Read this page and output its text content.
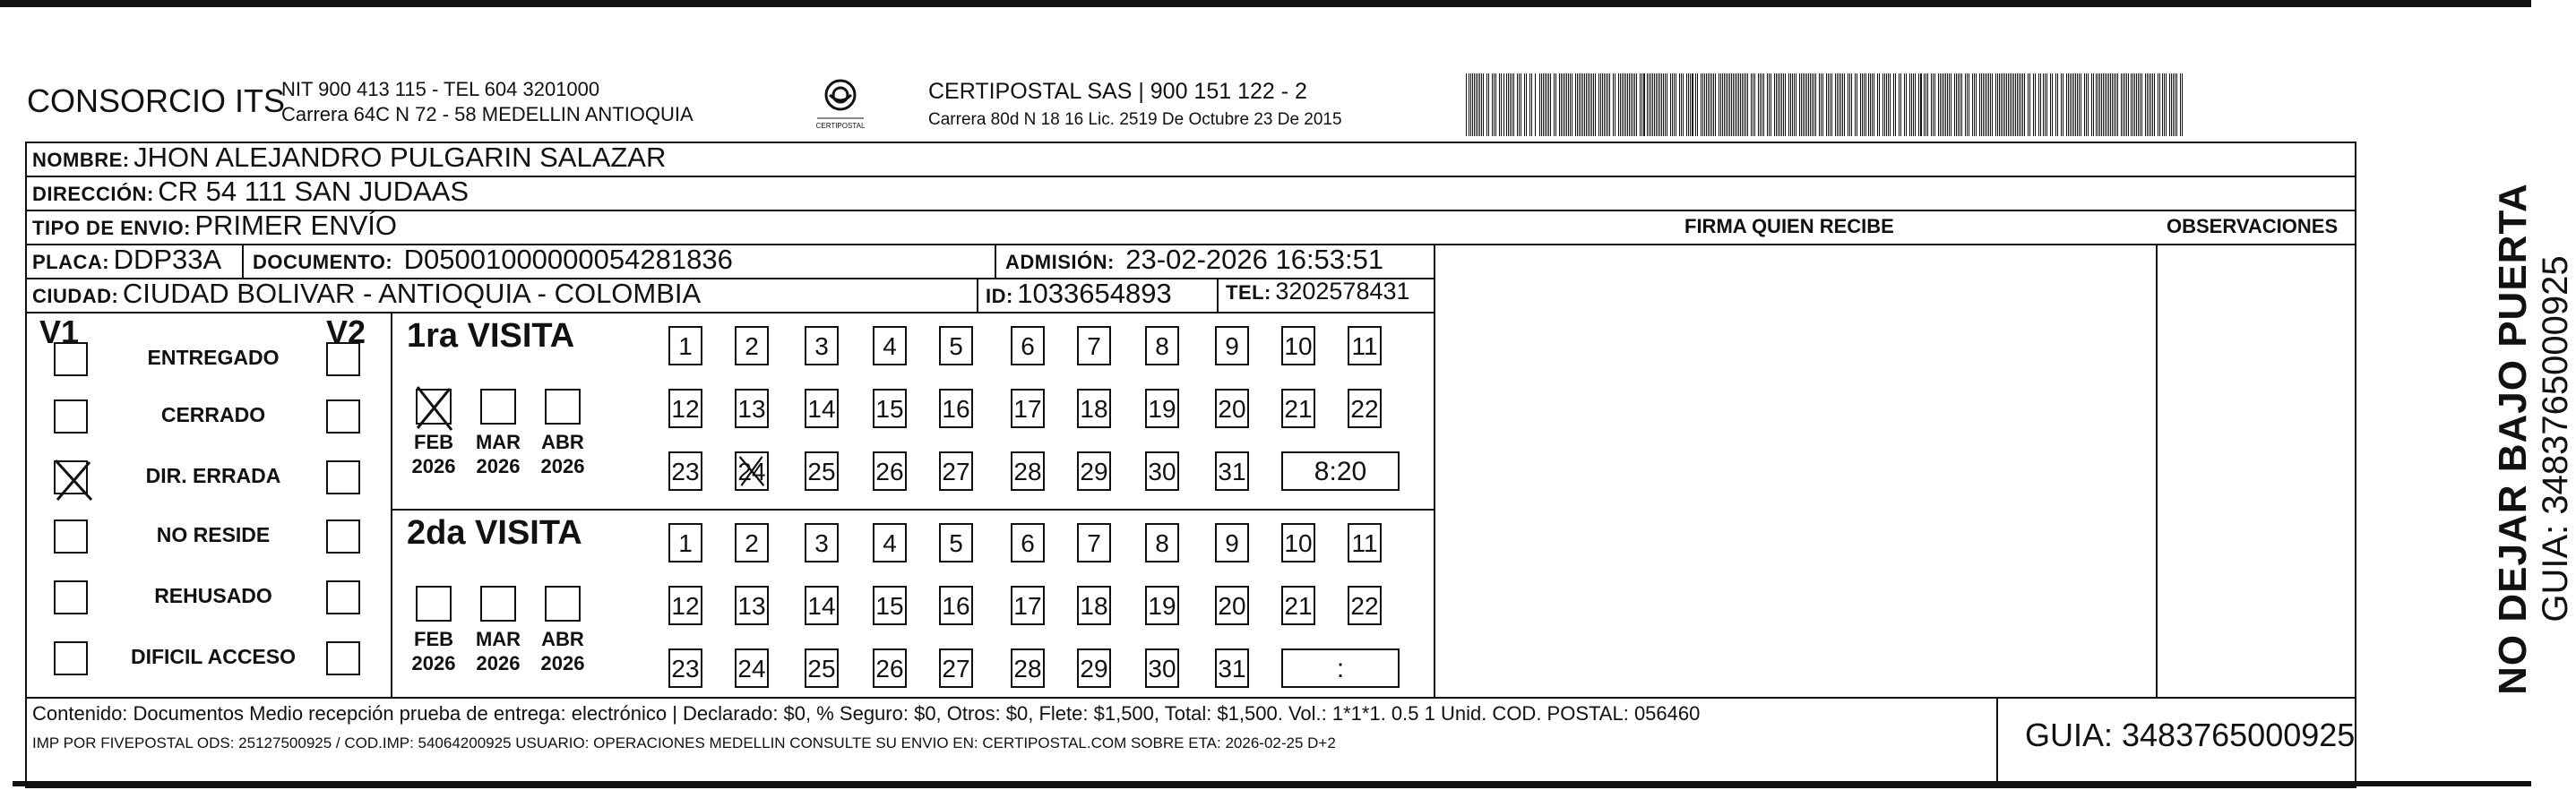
CONSORCIO ITS
NIT 900 413 115 - TEL 604 3201000
Carrera 64C N 72 - 58 MEDELLIN ANTIOQUIA
CERTIPOSTAL
CERTIPOSTAL SAS | 900 151 122 - 2
Carrera 80d N 18 16 Lic. 2519 De Octubre 23 De 2015
NOMBRE: JHON ALEJANDRO PULGARIN SALAZAR
DIRECCIÓN: CR 54 111 SAN JUDAAS
TIPO DE ENVIO: PRIMER ENVÍO	FIRMA QUIEN RECIBE	OBSERVACIONES
PLACA: DDP33A DOCUMENTO: D05001000000054281836	ADMISIÓN: 23-02-2026 16:53:51
CIUDAD: CIUDAD BOLIVAR - ANTIOQUIA - COLOMBIA	ID: 1033654893	TEL: 3202578431
V1	V2
ENTREGADO
CERRADO
DIR. ERRADA
NO RESIDE
REHUSADO
DIFICIL ACCESO
1ra VISITA
FEB
2026
MAR
2026
ABR
2026
1	2	3	4	5	6	7	8	9	10 11
12 13 14 15 16 17 18 19 20 21 22
23 24 25 26 27 28 29 30 31	8:20
2da VISITA
FEB
2026
MAR
2026
ABR
2026
1	2	3	4	5	6	7	8	9	10 11
12 13 14 15 16 17 18 19 20 21 22
23 24 25 26 27 28 29 30 31	:
Contenido: Documentos Medio recepción prueba de entrega: electrónico | Declarado: $0, % Seguro: $0, Otros: $0, Flete: $1,500, Total: $1,500. Vol.: 1*1*1. 0.5 1 Unid. COD. POSTAL: 056460
IMP POR FIVEPOSTAL ODS: 25127500925 / COD.IMP: 54064200925 USUARIO: OPERACIONES MEDELLIN CONSULTE SU ENVIO EN: CERTIPOSTAL.COM SOBRE ETA: 2026-02-25 D+2	GUIA: 3483765000925
NO DEJAR BAJO PUERTA GUIA: 3483765000925
